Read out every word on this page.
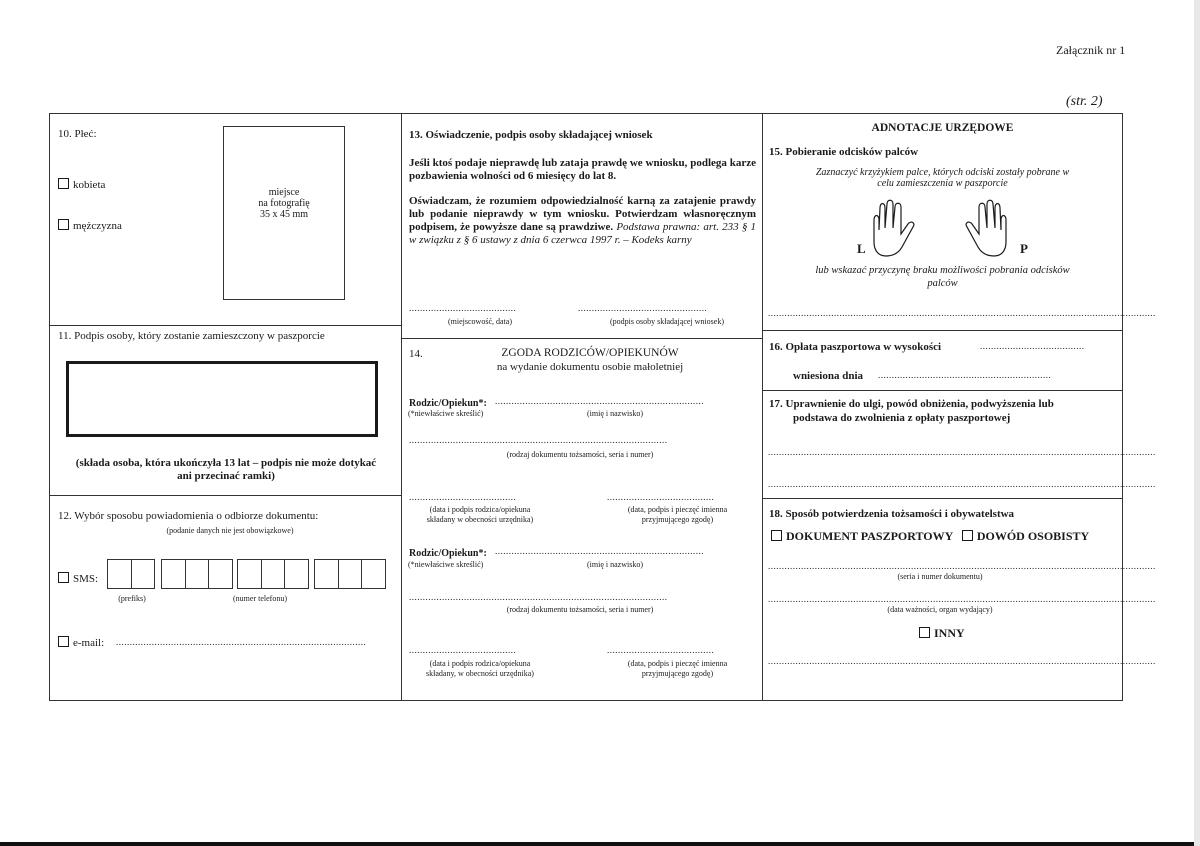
Załącznik nr 1
(str. 2)
10. Płeć:
kobieta
mężczyzna
miejsce
na fotografię
35 x 45 mm
11. Podpis osoby, który zostanie zamieszczony w paszporcie
(składa osoba, która ukończyła 13 lat – podpis nie może dotykać
ani przecinać ramki)
12. Wybór sposobu powiadomienia o odbiorze dokumentu:
(podanie danych nie jest obowiązkowe)
SMS:
(prefiks)	(numer telefonu)
e-mail: ...........................................................................................
13. Oświadczenie, podpis osoby składającej wniosek
Jeśli ktoś podaje nieprawdę lub zataja prawdę we wniosku, podlega karze pozbawienia wolności od 6 miesięcy do lat 8.
Oświadczam, że rozumiem odpowiedzialność karną za zatajenie prawdy lub podanie nieprawdy w tym wniosku. Potwierdzam własnoręcznym podpisem, że powyższe dane są prawdziwe. Podstawa prawna: art. 233 § 1 w związku z § 6 ustawy z dnia 6 czerwca 1997 r. – Kodeks karny
.......................................
(miejscowość, data)
...............................................
(podpis osoby składającej wniosek)
14.	ZGODA RODZICÓW/OPIEKUNÓW
na wydanie dokumentu osobie małoletniej
Rodzic/Opiekun*: ............................................................................
(*niewłaściwe skreślić)	(imię i nazwisko)
..............................................................................................
(rodzaj dokumentu tożsamości, seria i numer)
.......................................
(data i podpis rodzica/opiekuna
składany w obecności urzędnika)
.......................................
(data, podpis i pieczęć imienna
przyjmującego zgodę)
Rodzic/Opiekun*: ............................................................................
(*niewłaściwe skreślić)	(imię i nazwisko)
..............................................................................................
(rodzaj dokumentu tożsamości, seria i numer)
.......................................
(data i podpis rodzica/opiekuna
składany, w obecności urzędnika)
.......................................
(data, podpis i pieczęć imienna
przyjmującego zgodę)
ADNOTACJE URZĘDOWE
15. Pobieranie odcisków palców
Zaznaczyć krzyżykiem palce, których odciski zostały pobrane w
celu zamieszczenia w paszporcie
L	P
lub wskazać przyczynę braku możliwości pobrania odcisków
palców
.............................................................................................................................................
16. Opłata paszportowa w wysokości	......................................
wniesiona dnia ...............................................................
17. Uprawnienie do ulgi, powód obniżenia, podwyższenia lub
podstawa do zwolnienia z opłaty paszportowej
.............................................................................................................................................
.............................................................................................................................................
18. Sposób potwierdzenia tożsamości i obywatelstwa
DOKUMENT PASZPORTOWY DOWÓD OSOBISTY
.............................................................................................................................................
(seria i numer dokumentu)
.............................................................................................................................................
(data ważności, organ wydający)
INNY
.............................................................................................................................................
